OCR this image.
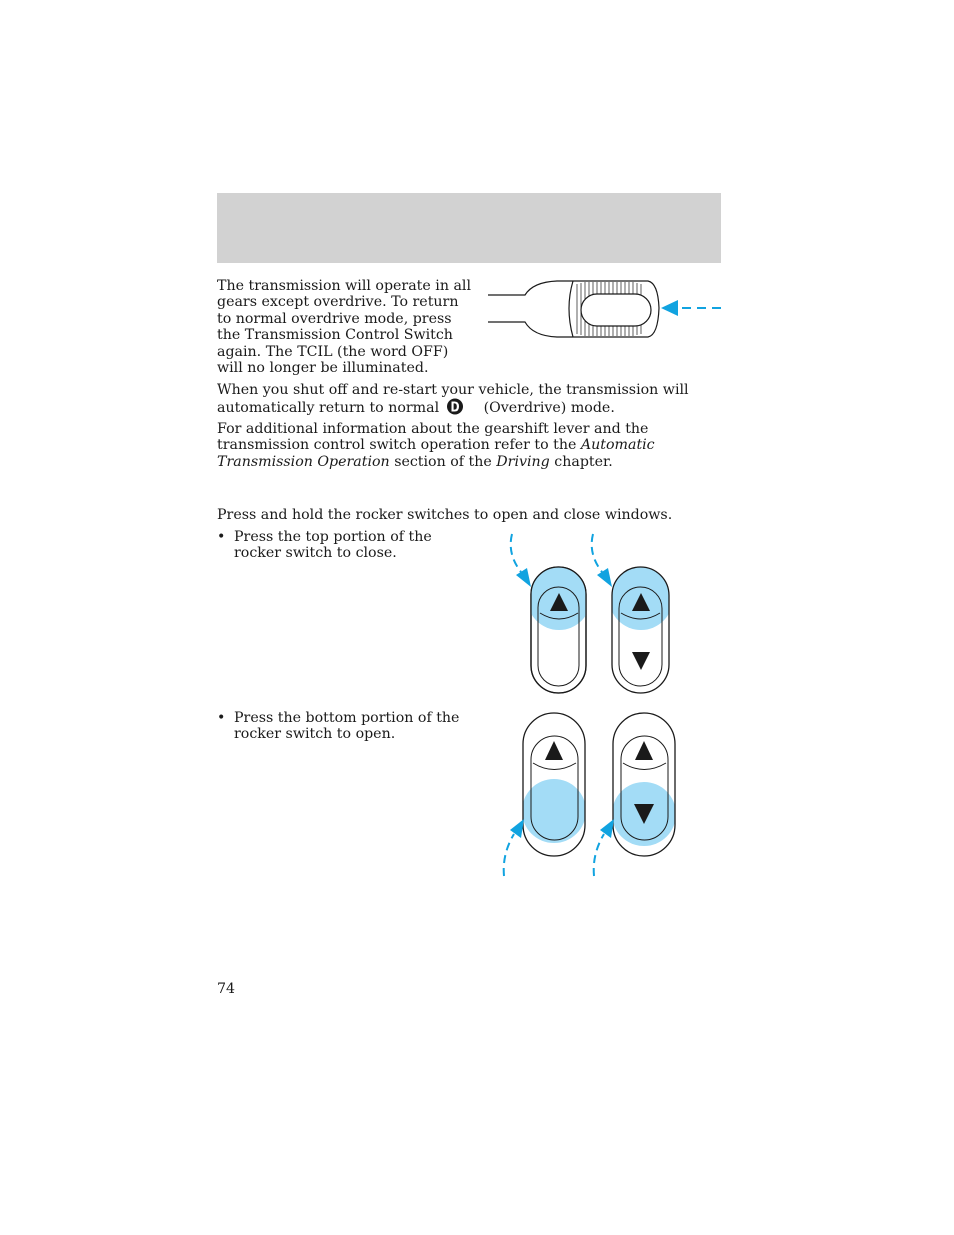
The transmission will operate in all gears except overdrive. To return to normal overdrive mode, press the Transmission Control Switch again. The TCIL (the word OFF) will no longer be illuminated.

When you shut off and re-start your vehicle, the transmission will automatically return to normal	(Overdrive) mode.

For additional information about the gearshift lever and the transmission control switch operation refer to the Automatic Transmission Operation section of the Driving chapter.

Press and hold the rocker switches to open and close windows.

• Press the top portion of the rocker switch to close.
• Press the bottom portion of the rocker switch to open.
74
